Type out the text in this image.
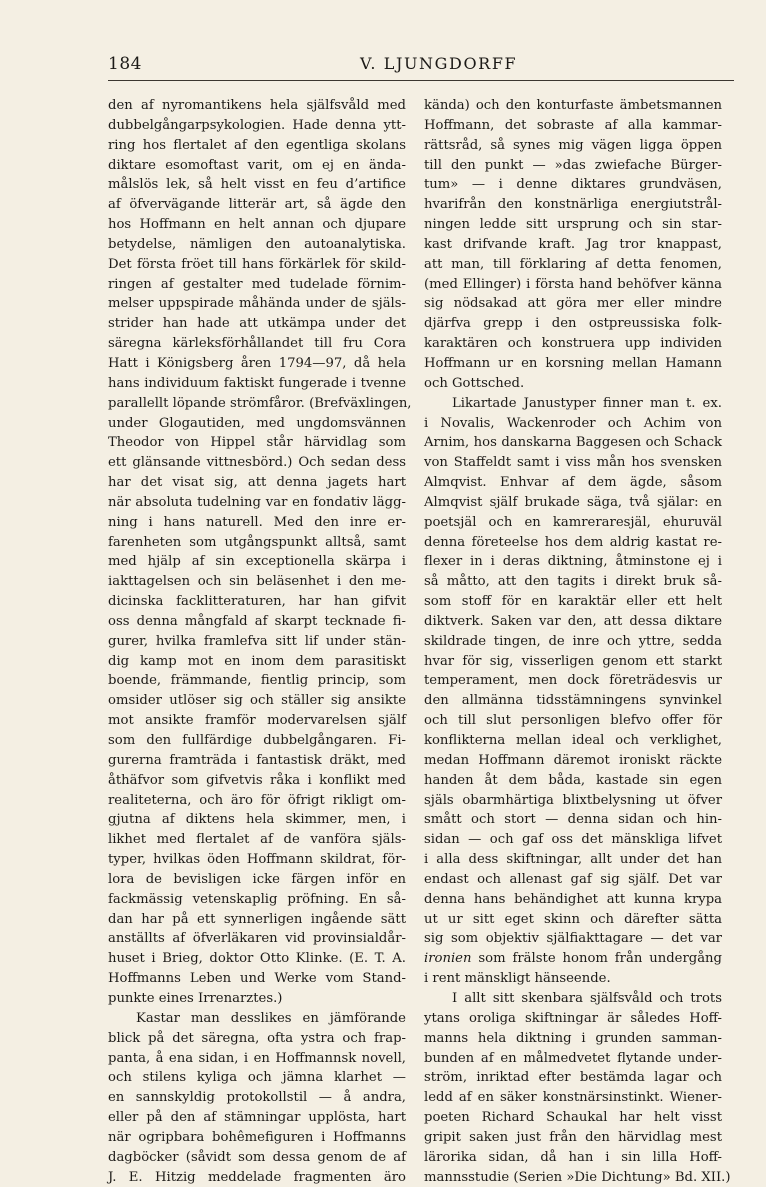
184	V. LJUNGDORFF
den af nyromantikens hela själfsvåld med
dubbelgångarpsykologien. Hade denna ytt-
ring hos flertalet af den egentliga skolans
diktare esomoftast varit, om ej en ända-
målslös lek, så helt visst en feu d’artifice
af öfvervägande litterär art, så ägde den
hos Hoffmann en helt annan och djupare
betydelse, nämligen den autoanalytiska.
Det första fröet till hans förkärlek för skild-
ringen af gestalter med tudelade förnim-
melser uppspirade måhända under de själs-
strider han hade att utkämpa under det
säregna kärleksförhållandet till fru Cora
Hatt i Königsberg åren 1794—97, då hela
hans individuum faktiskt fungerade i tvenne
parallellt löpande strömfåror. (Brefväxlingen,
under Glogautiden, med ungdomsvännen
Theodor von Hippel står härvidlag som
ett glänsande vittnesbörd.) Och sedan dess
har det visat sig, att denna jagets hart
när absoluta tudelning var en fondativ lägg-
ning i hans naturell. Med den inre er-
farenheten som utgångspunkt alltså, samt
med hjälp af sin exceptionella skärpa i
iakttagelsen och sin beläsenhet i den me-
dicinska facklitteraturen, har han gifvit
oss denna mångfald af skarpt tecknade fi-
gurer, hvilka framlefva sitt lif under stän-
dig kamp mot en inom dem parasitiskt
boende, främmande, fientlig princip, som
omsider utlöser sig och ställer sig ansikte
mot ansikte framför modervarelsen själf
som den fullfärdige dubbelgångaren. Fi-
gurerna framträda i fantastisk dräkt, med
åthäfvor som gifvetvis råka i konflikt med
realiteterna, och äro för öfrigt rikligt om-
gjutna af diktens hela skimmer, men, i
likhet med flertalet af de vanföra själs-
typer, hvilkas öden Hoffmann skildrat, för-
lora de bevisligen icke färgen inför en
fackmässig vetenskaplig pröfning. En så-
dan har på ett synnerligen ingående sätt
anställts af öfverläkaren vid provinsialdår-
huset i Brieg, doktor Otto Klinke. (E. T. A.
Hoffmanns Leben und Werke vom Stand-
punkte eines Irrenarztes.)
Kastar man desslikes en jämförande
blick på det säregna, ofta ystra och frap-
panta, å ena sidan, i en Hoffmannsk novell,
och stilens kyliga och jämna klarhet —
en sannskyldig protokollstil — å andra,
eller på den af stämningar upplösta, hart
när ogripbara bohêmefiguren i Hoffmanns
dagböcker (såvidt som dessa genom de af
J. E. Hitzig meddelade fragmenten äro
kända) och den konturfaste ämbetsmannen
Hoffmann, det sobraste af alla kammar-
rättsråd, så synes mig vägen ligga öppen
till den punkt — »das zwiefache Bürger-
tum» — i denne diktares grundväsen,
hvarifrån den konstnärliga energiutstrål-
ningen ledde sitt ursprung och sin star-
kast drifvande kraft. Jag tror knappast,
att man, till förklaring af detta fenomen,
(med Ellinger) i första hand behöfver känna
sig nödsakad att göra mer eller mindre
djärfva grepp i den ostpreussiska folk-
karaktären och konstruera upp individen
Hoffmann ur en korsning mellan Hamann
och Gottsched.
Likartade Janustyper finner man t. ex.
i Novalis, Wackenroder och Achim von
Arnim, hos danskarna Baggesen och Schack
von Staffeldt samt i viss mån hos svensken
Almqvist. Enhvar af dem ägde, såsom
Almqvist själf brukade säga, två själar: en
poetsjäl och en kamreraresjäl, ehuruväl
denna företeelse hos dem aldrig kastat re-
flexer in i deras diktning, åtminstone ej i
så måtto, att den tagits i direkt bruk så-
som stoff för en karaktär eller ett helt
diktverk. Saken var den, att dessa diktare
skildrade tingen, de inre och yttre, sedda
hvar för sig, visserligen genom ett starkt
temperament, men dock företrädesvis ur
den allmänna tidsstämningens synvinkel
och till slut personligen blefvo offer för
konflikterna mellan ideal och verklighet,
medan Hoffmann däremot ironiskt räckte
handen åt dem båda, kastade sin egen
själs obarmhärtiga blixtbelysning ut öfver
smått och stort — denna sidan och hin-
sidan — och gaf oss det mänskliga lifvet
i alla dess skiftningar, allt under det han
endast och allenast gaf sig själf. Det var
denna hans behändighet att kunna krypa
ut ur sitt eget skinn och därefter sätta
sig som objektiv själfiakttagare — det var
ironien som frälste honom från undergång
i rent mänskligt hänseende.
I allt sitt skenbara själfsvåld och trots
ytans oroliga skiftningar är således Hoff-
manns hela diktning i grunden samman-
bunden af en målmedvetet flytande under-
ström, inriktad efter bestämda lagar och
ledd af en säker konstnärsinstinkt. Wiener-
poeten Richard Schaukal har helt visst
gripit saken just från den härvidlag mest
lärorika sidan, då han i sin lilla Hoff-
mannsstudie (Serien »Die Dichtung» Bd. XII.)
